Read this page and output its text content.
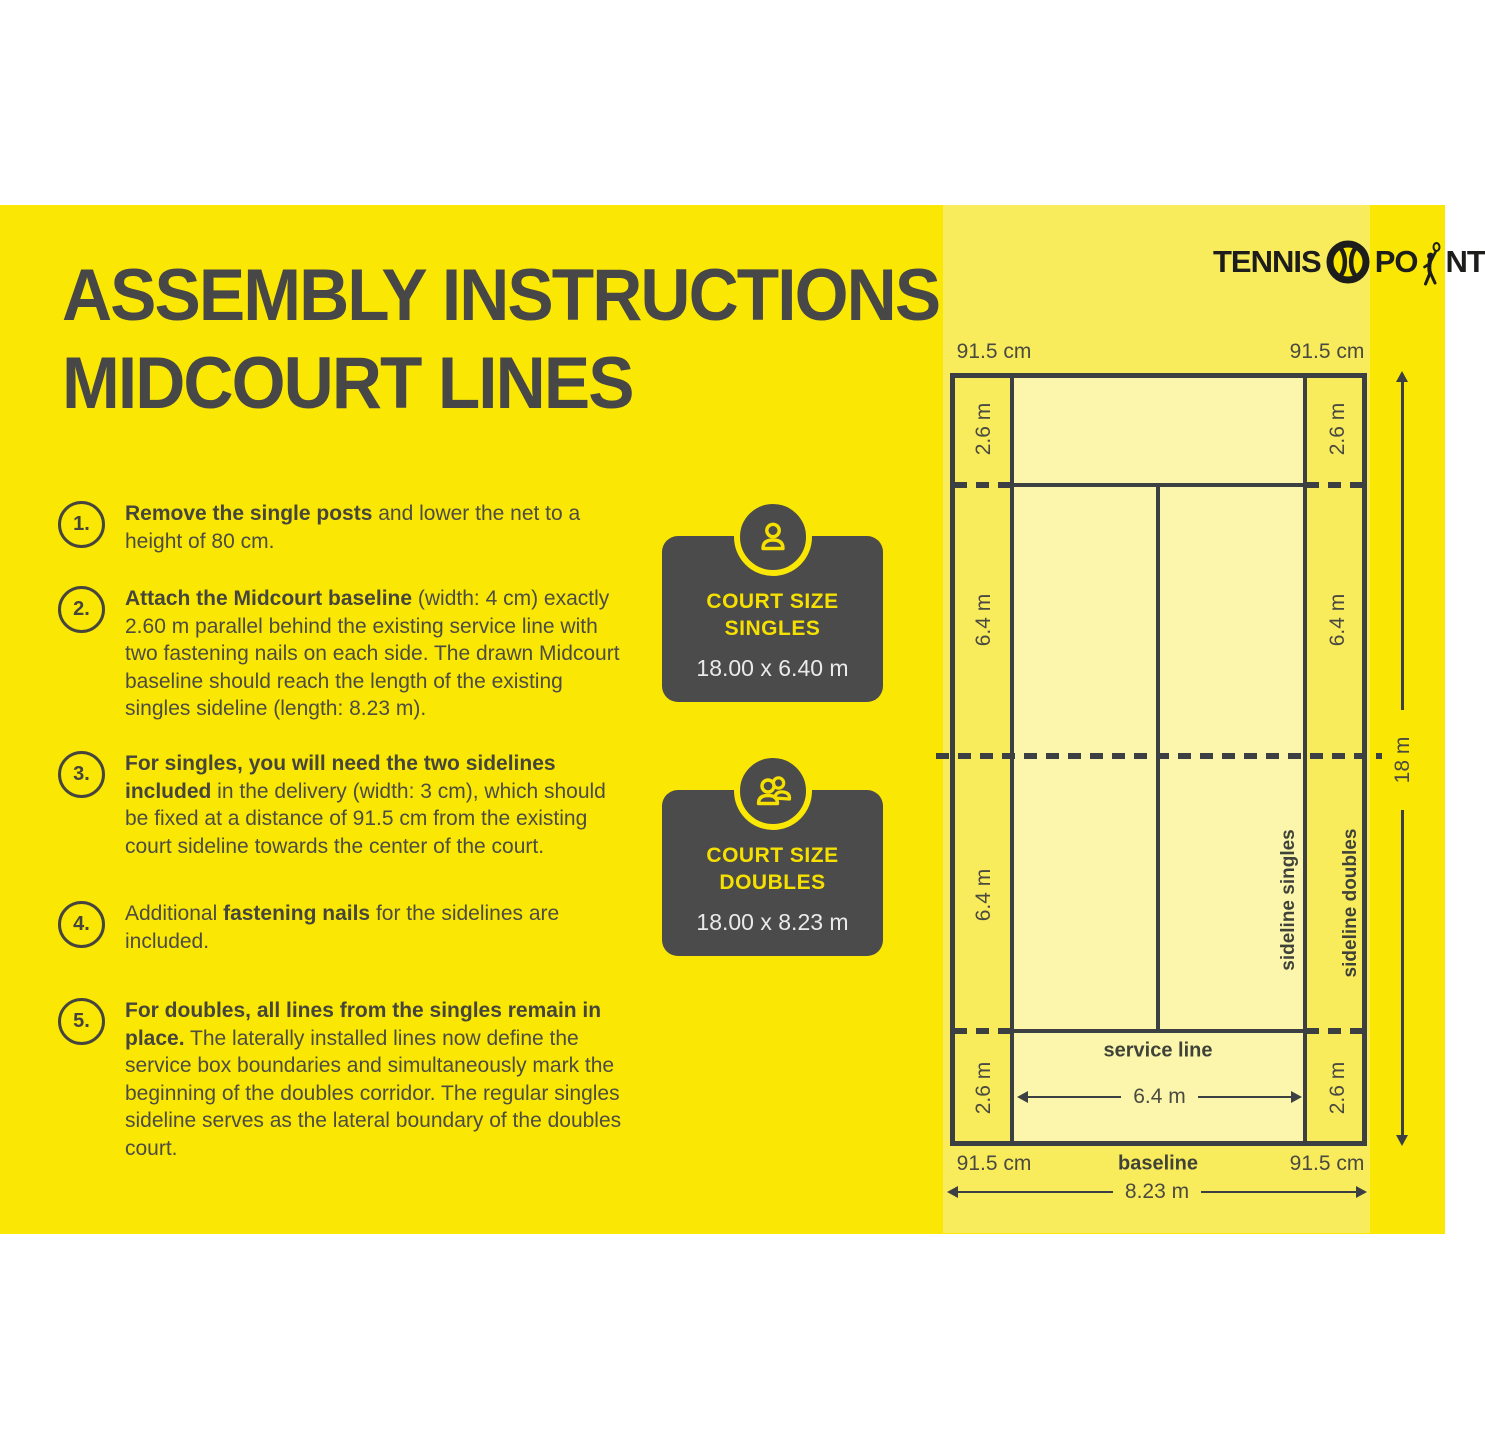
ASSEMBLY INSTRUCTIONS
MIDCOURT LINES
TENNIS PO NT
1.	Remove the single posts and lower the net to a height of 80 cm.

2.	Attach the Midcourt baseline (width: 4 cm) exactly 2.60 m parallel behind the existing service line with two fastening nails on each side. The drawn Midcourt baseline should reach the length of the existing singles sideline (length: 8.23 m).

3.	For singles, you will need the two sidelines included in the delivery (width: 3 cm), which should be fixed at a distance of 91.5 cm from the existing court sideline towards the center of the court.

4.	Additional fastening nails for the sidelines are included.

5.	For doubles, all lines from the singles remain in place. The laterally installed lines now define the service box boundaries and simultaneously mark the beginning of the doubles corridor. The regular singles sideline serves as the lateral boundary of the doubles court.

COURT SIZE
SINGLES
18.00 x 6.40 m
COURT SIZE
DOUBLES
18.00 x 8.23 m
91.5 cm	91.5 cm
2.6 m	2.6 m
6.4 m	6.4 m
6.4 m
2.6 m	2.6 m
sideline singles sideline doubles
service line
6.4 m
91.5 cm	baseline	91.5 cm
8.23 m
18 m
